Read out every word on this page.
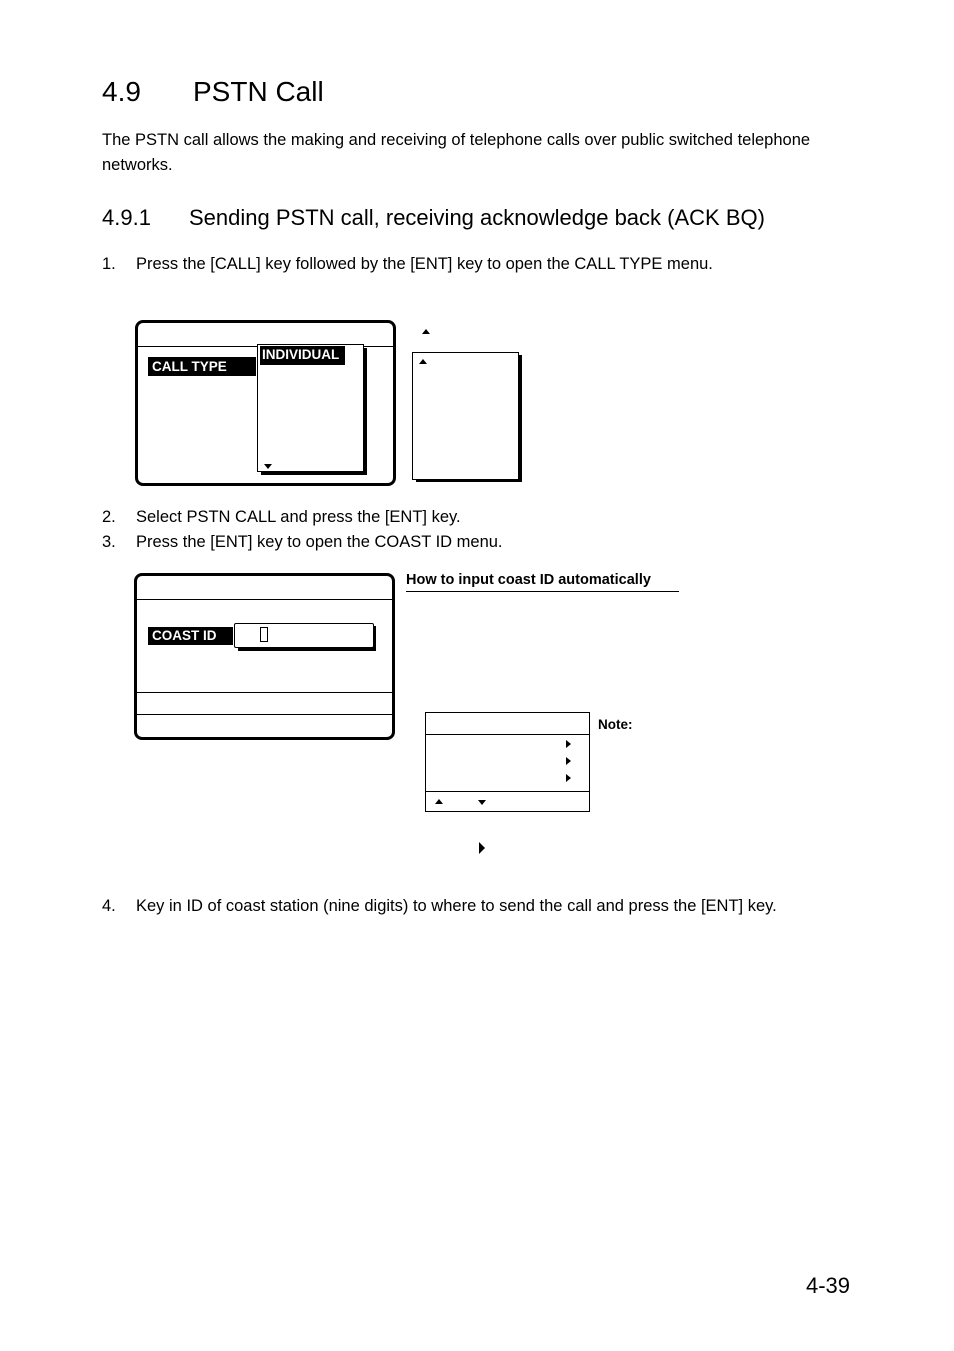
4.9 PSTN Call
The PSTN call allows the making and receiving of telephone calls over public switched telephone networks.
4.9.1 Sending PSTN call, receiving acknowledge back (ACK BQ)
1. Press the [CALL] key followed by the [ENT] key to open the CALL TYPE menu.
CALL TYPE
INDIVIDUAL
2. Select PSTN CALL and press the [ENT] key.
3. Press the [ENT] key to open the COAST ID menu.
COAST ID
How to input coast ID automatically
Note:
4. Key in ID of coast station (nine digits) to where to send the call and press the [ENT] key.
4-39
